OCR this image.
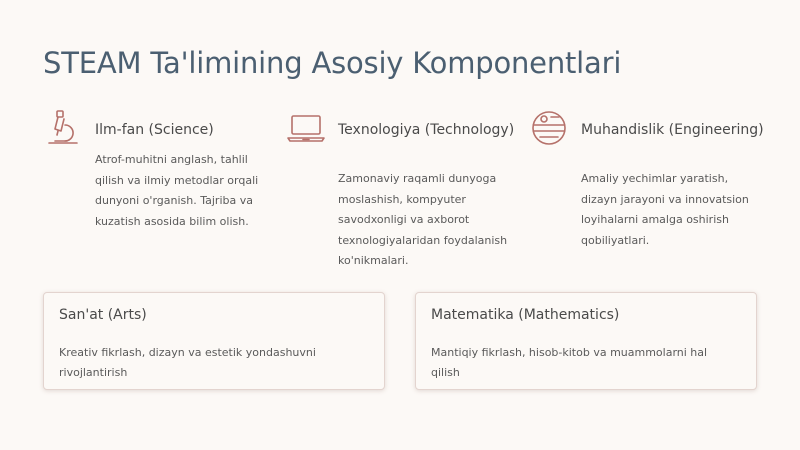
STEAM Ta'limining Asosiy Komponentlari
Ilm-fan (Science)
Atrof-muhitni anglash, tahlil qilish va ilmiy metodlar orqali dunyoni o'rganish. Tajriba va kuzatish asosida bilim olish.
Texnologiya (Technology)
Zamonaviy raqamli dunyoga moslashish, kompyuter savodxonligi va axborot texnologiyalaridan foydalanish ko'nikmalari.
Muhandislik (Engineering)
Amaliy yechimlar yaratish, dizayn jarayoni va innovatsion loyihalarni amalga oshirish qobiliyatlari.
San'at (Arts)
Kreativ fikrlash, dizayn va estetik yondashuvni rivojlantirish
Matematika (Mathematics)
Mantiqiy fikrlash, hisob-kitob va muammolarni hal qilish
